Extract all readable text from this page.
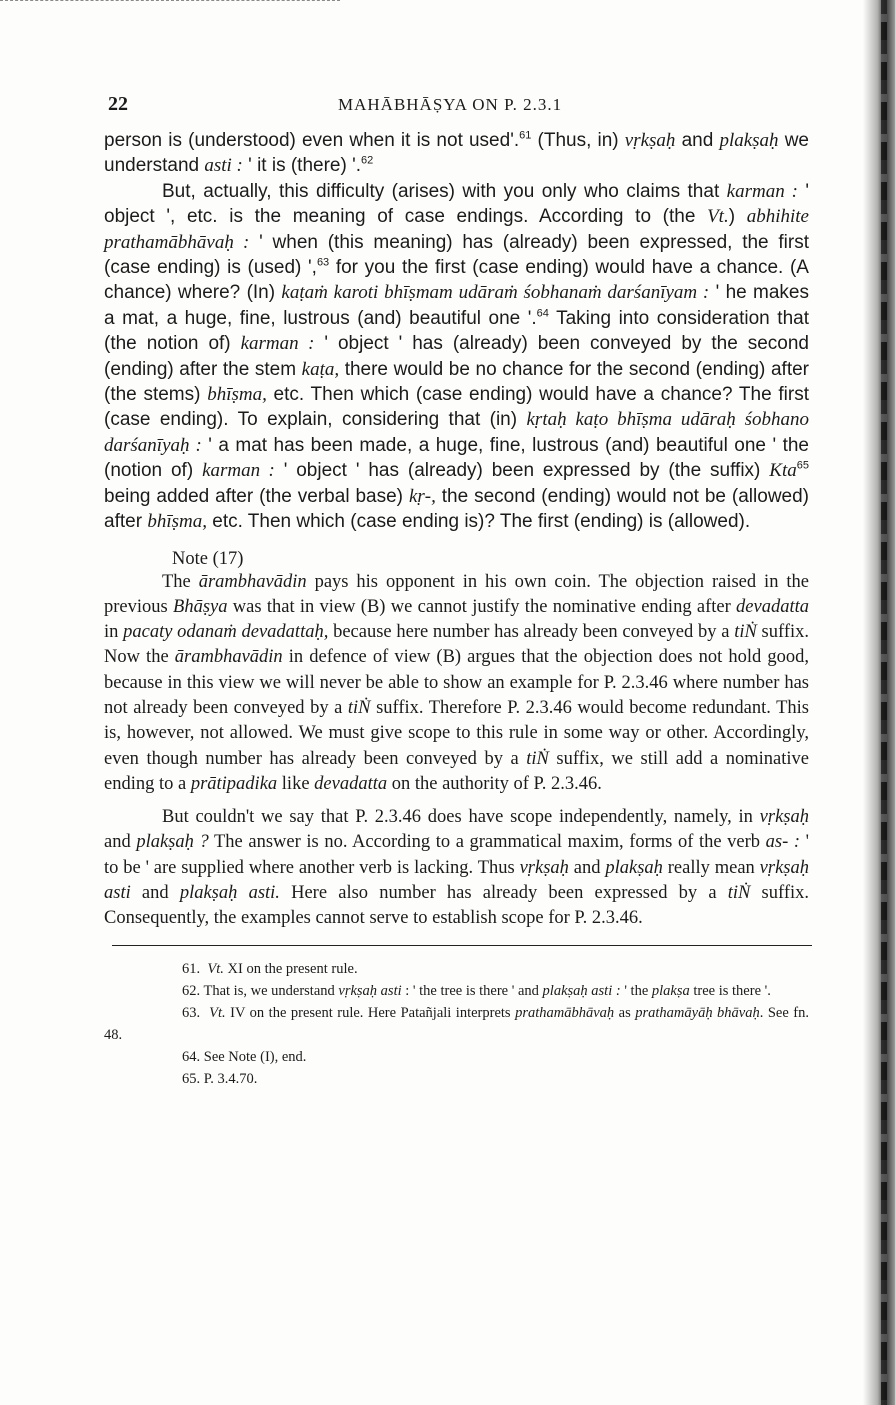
22	MAHĀBHĀṢYA ON P. 2.3.1

person is (understood) even when it is not used'.$^{61}$ (Thus, in) vṛkṣaḥ and plakṣaḥ we understand asti : ' it is (there) '.$^{62}$

But, actually, this difficulty (arises) with you only who claims that karman : ' object ', etc. is the meaning of case endings. According to (the Vt.) abhihite prathamābhāvaḥ : ' when (this meaning) has (already) been expressed, the first (case ending) is (used) ',$^{63}$ for you the first (case ending) would have a chance. (A chance) where? (In) kaṭaṁ karoti bhīṣmam udāraṁ śobhanaṁ darśanīyam : ' he makes a mat, a huge, fine, lustrous (and) beautiful one '.$^{64}$ Taking into consideration that (the notion of) karman : ' object ' has (already) been conveyed by the second (ending) after the stem kaṭa, there would be no chance for the second (ending) after (the stems) bhīṣma, etc. Then which (case ending) would have a chance? The first (case ending). To explain, considering that (in) kṛtaḥ kaṭo bhīṣma udāraḥ śobhano darśanīyaḥ : ' a mat has been made, a huge, fine, lustrous (and) beautiful one ' the (notion of) karman : ' object ' has (already) been expressed by (the suffix) Kta$^{65}$ being added after (the verbal base) kṛ-, the second (ending) would not be (allowed) after bhīṣma, etc. Then which (case ending is)? The first (ending) is (allowed).

Note (17)

The ārambhavādin pays his opponent in his own coin. The objection raised in the previous Bhāṣya was that in view (B) we cannot justify the nominative ending after devadatta in pacaty odanaṁ devadattaḥ, because here number has already been conveyed by a tiṄ suffix. Now the ārambhavādin in defence of view (B) argues that the objection does not hold good, because in this view we will never be able to show an example for P. 2.3.46 where number has not already been conveyed by a tiṄ suffix. Therefore P. 2.3.46 would become redundant. This is, however, not allowed. We must give scope to this rule in some way or other. Accordingly, even though number has already been conveyed by a tiṄ suffix, we still add a nominative ending to a prātipadika like devadatta on the authority of P. 2.3.46.

But couldn't we say that P. 2.3.46 does have scope independently, namely, in vṛkṣaḥ and plakṣaḥ ? The answer is no. According to a grammatical maxim, forms of the verb as- : ' to be ' are supplied where another verb is lacking. Thus vṛkṣaḥ and plakṣaḥ really mean vṛkṣaḥ asti and plakṣaḥ asti. Here also number has already been expressed by a tiṄ suffix. Consequently, the examples cannot serve to establish scope for P. 2.3.46.

61. Vt. XI on the present rule.

62. That is, we understand vṛkṣaḥ asti : ' the tree is there ' and plakṣaḥ asti : ' the plakṣa tree is there '.

63. Vt. IV on the present rule. Here Patañjali interprets prathamābhāvaḥ as prathamāyāḥ bhāvaḥ. See fn. 48.

64. See Note (I), end.

65. P. 3.4.70.
